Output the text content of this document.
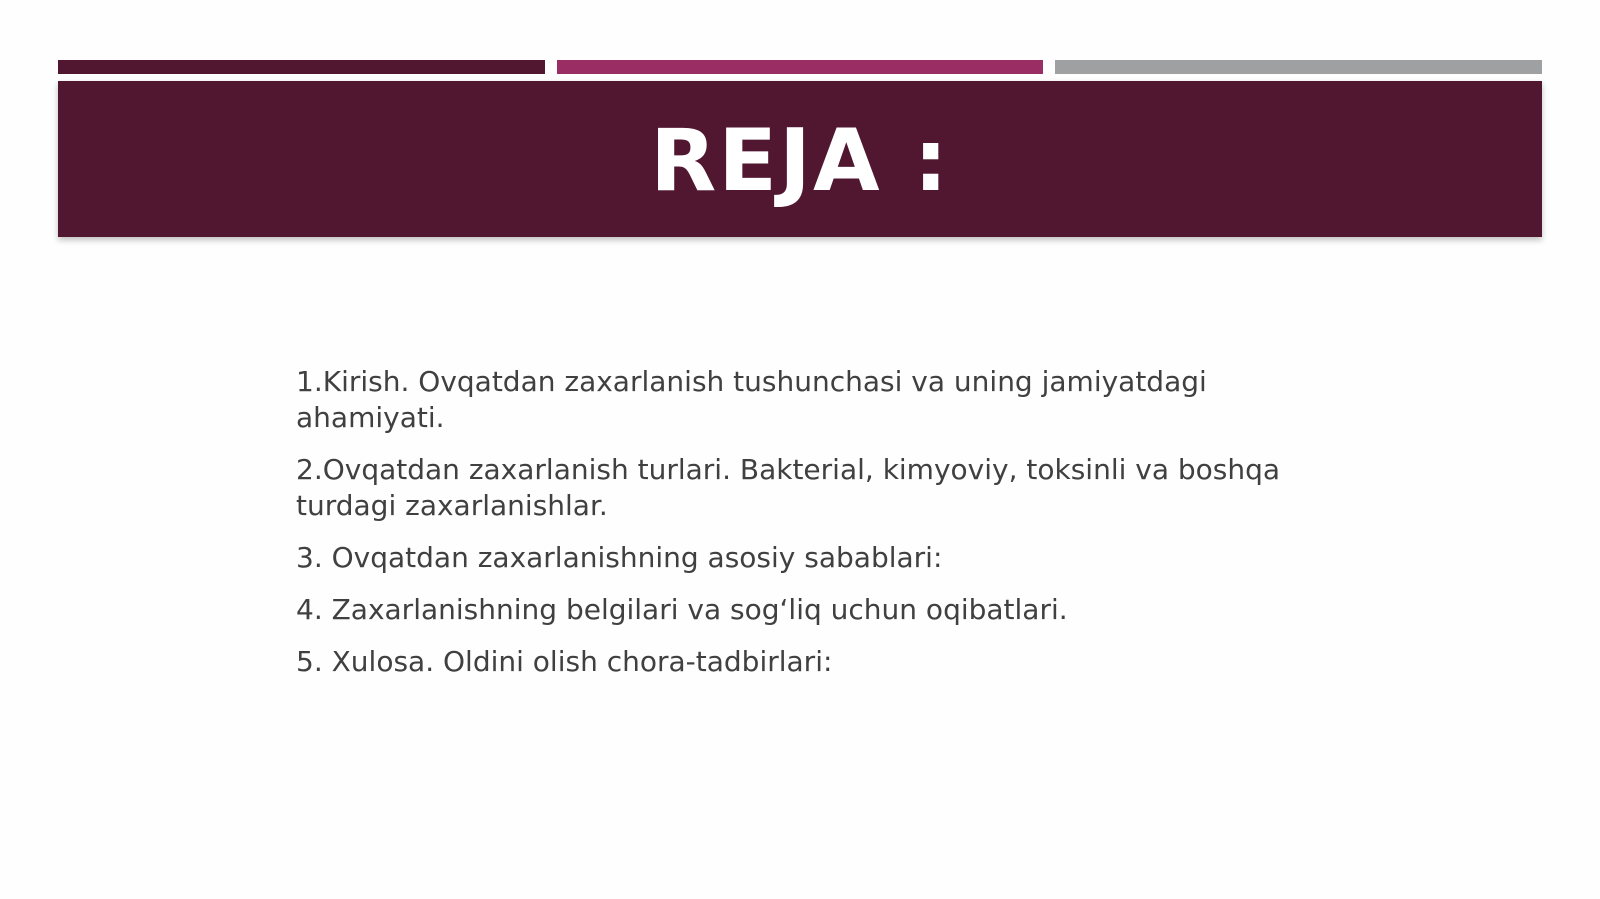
REJA :

1.Kirish. Ovqatdan zaxarlanish tushunchasi va uning jamiyatdagi ahamiyati.

2.Ovqatdan zaxarlanish turlari. Bakterial, kimyoviy, toksinli va boshqa turdagi zaxarlanishlar.

3. Ovqatdan zaxarlanishning asosiy sabablari:

4. Zaxarlanishning belgilari va sog‘liq uchun oqibatlari.

5. Xulosa. Oldini olish chora-tadbirlari:
